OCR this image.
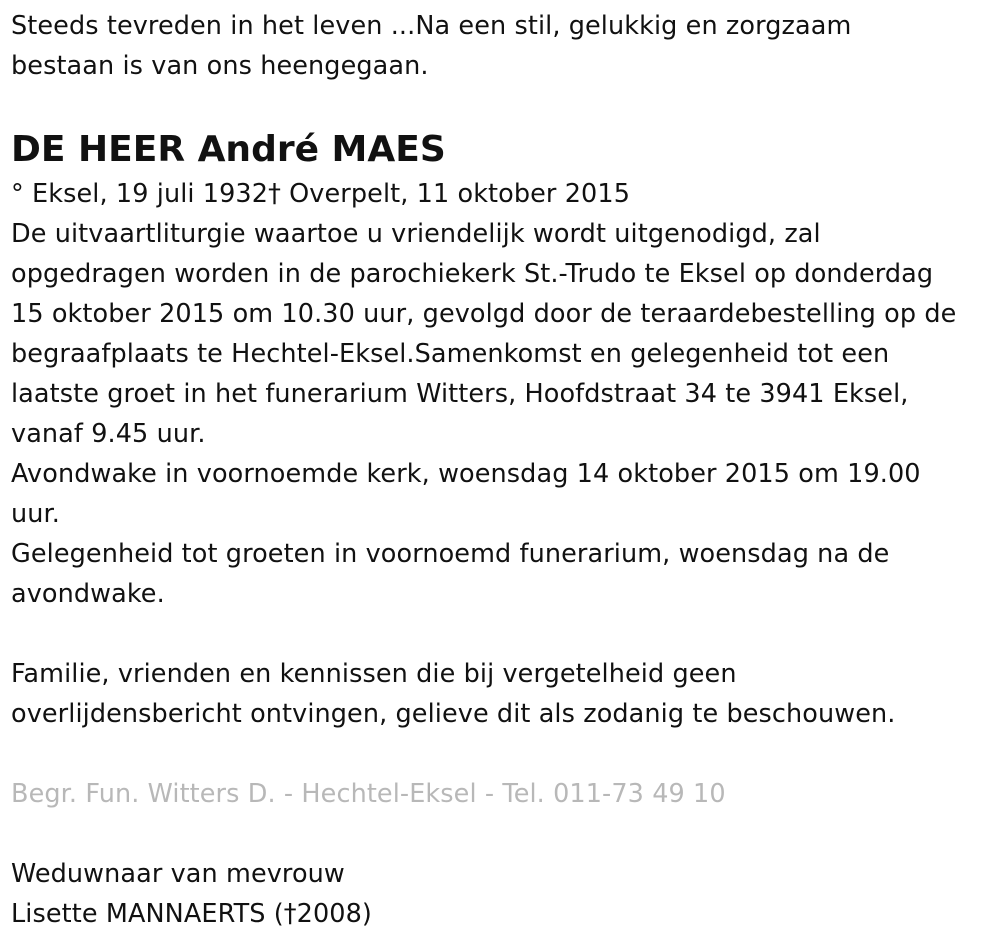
Steeds tevreden in het leven ...Na een stil, gelukkig en zorgzaam
bestaan is van ons heengegaan.
DE HEER André MAES
° Eksel, 19 juli 1932† Overpelt, 11 oktober 2015
De uitvaartliturgie waartoe u vriendelijk wordt uitgenodigd, zal
opgedragen worden in de parochiekerk St.-Trudo te Eksel op donderdag
15 oktober 2015 om 10.30 uur, gevolgd door de teraardebestelling op de
begraafplaats te Hechtel-Eksel.Samenkomst en gelegenheid tot een
laatste groet in het funerarium Witters, Hoofdstraat 34 te 3941 Eksel,
vanaf 9.45 uur.
Avondwake in voornoemde kerk, woensdag 14 oktober 2015 om 19.00
uur.
Gelegenheid tot groeten in voornoemd funerarium, woensdag na de
avondwake.
Familie, vrienden en kennissen die bij vergetelheid geen
overlijdensbericht ontvingen, gelieve dit als zodanig te beschouwen.
Begr. Fun. Witters D. - Hechtel-Eksel - Tel. 011-73 49 10
Weduwnaar van mevrouw
Lisette MANNAERTS (†2008)
